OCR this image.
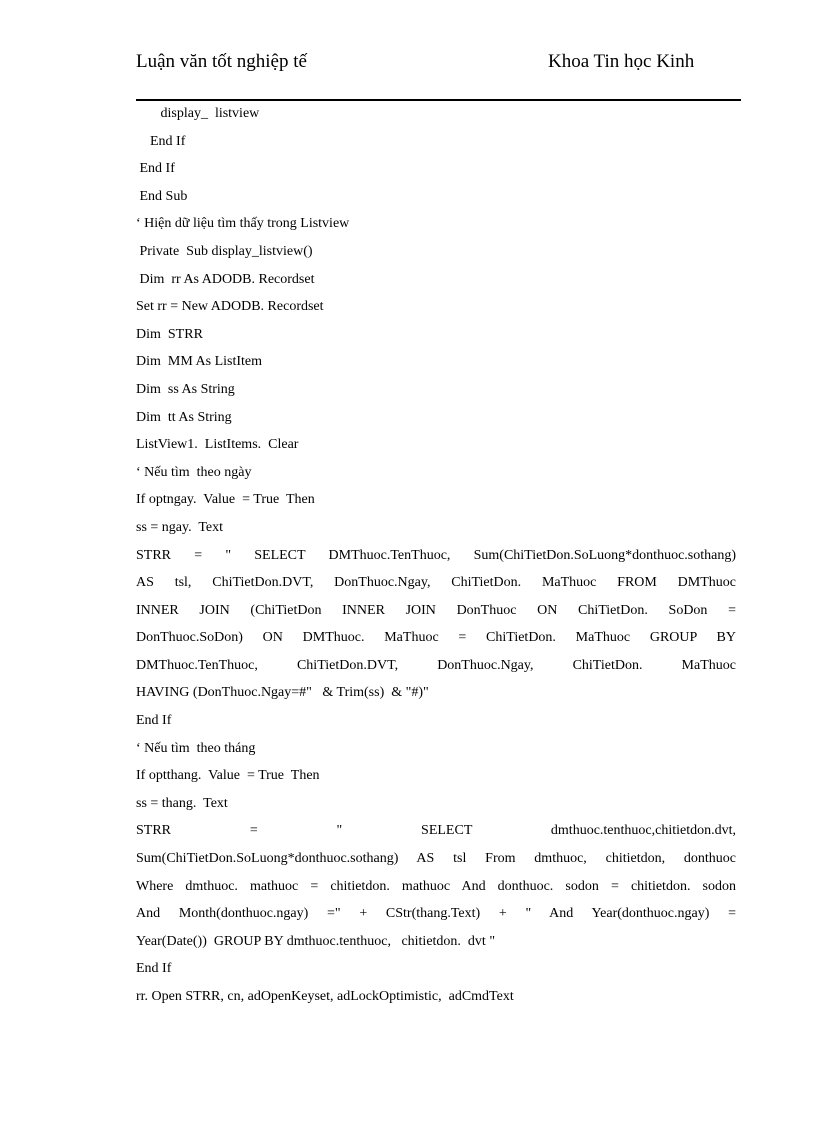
Luận văn tốt nghiệp tế	Khoa Tin học Kinh
display_  listview
End If
End If
End Sub
‘ Hiện dữ liệu tìm thấy trong Listview
Private  Sub display_listview()
Dim  rr As ADODB. Recordset
Set rr = New ADODB. Recordset
Dim  STRR
Dim  MM As ListItem
Dim  ss As String
Dim  tt As String
ListView1.  ListItems.  Clear
‘ Nếu tìm  theo ngày
If optngay.  Value  = True  Then
ss = ngay.  Text
STRR = " SELECT DMThuoc.TenThuoc, Sum(ChiTietDon.SoLuong*donthuoc.sothang)
AS tsl, ChiTietDon.DVT, DonThuoc.Ngay, ChiTietDon. MaThuoc FROM DMThuoc
INNER JOIN (ChiTietDon INNER JOIN DonThuoc ON ChiTietDon. SoDon =
DonThuoc.SoDon) ON DMThuoc. MaThuoc = ChiTietDon. MaThuoc GROUP BY
DMThuoc.TenThuoc, ChiTietDon.DVT, DonThuoc.Ngay, ChiTietDon. MaThuoc
HAVING (DonThuoc.Ngay=#"   & Trim(ss)  & "#)"
End If
‘ Nếu tìm  theo tháng
If optthang.  Value  = True  Then
ss = thang.  Text
STRR = " SELECT dmthuoc.tenthuoc,chitietdon.dvt,
Sum(ChiTietDon.SoLuong*donthuoc.sothang) AS tsl From dmthuoc, chitietdon, donthuoc
Where dmthuoc. mathuoc = chitietdon. mathuoc And donthuoc. sodon = chitietdon. sodon
And Month(donthuoc.ngay) =" + CStr(thang.Text) + " And Year(donthuoc.ngay) =
Year(Date())  GROUP BY dmthuoc.tenthuoc,   chitietdon.  dvt "
End If
rr. Open STRR, cn, adOpenKeyset, adLockOptimistic,  adCmdText
